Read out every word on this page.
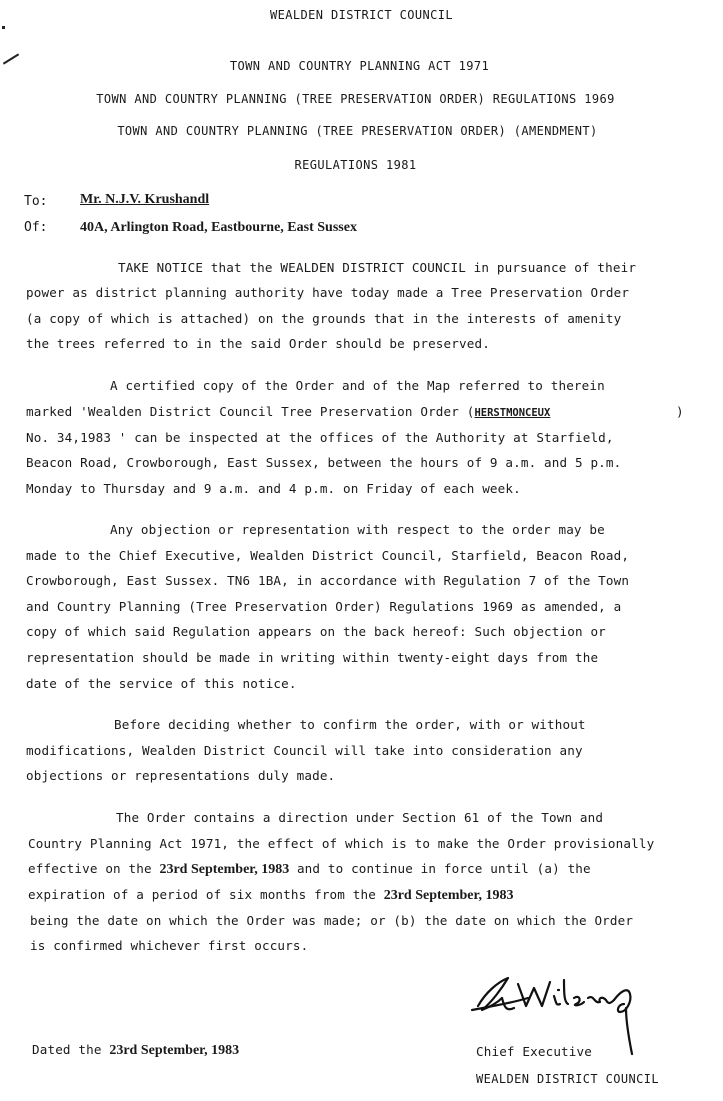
WEALDEN DISTRICT COUNCIL
TOWN AND COUNTRY PLANNING ACT 1971
TOWN AND COUNTRY PLANNING (TREE PRESERVATION ORDER) REGULATIONS 1969
TOWN AND COUNTRY PLANNING (TREE PRESERVATION ORDER) (AMENDMENT)
REGULATIONS 1981
To: Mr. N.J.V. Krushandl
Of: 40A, Arlington Road, Eastbourne, East Sussex
TAKE NOTICE that the WEALDEN DISTRICT COUNCIL in pursuance of their
power as district planning authority have today made a Tree Preservation Order
(a copy of which is attached) on the grounds that in the interests of amenity
the trees referred to in the said Order should be preserved.
A certified copy of the Order and of the Map referred to therein
marked 'Wealden District Council Tree Preservation Order (HERSTMONCEUX	)
No. 34,1983 ' can be inspected at the offices of the Authority at Starfield,
Beacon Road, Crowborough, East Sussex, between the hours of 9 a.m. and 5 p.m.
Monday to Thursday and 9 a.m. and 4 p.m. on Friday of each week.
Any objection or representation with respect to the order may be
made to the Chief Executive, Wealden District Council, Starfield, Beacon Road,
Crowborough, East Sussex. TN6 1BA, in accordance with Regulation 7 of the Town
and Country Planning (Tree Preservation Order) Regulations 1969 as amended, a
copy of which said Regulation appears on the back hereof: Such objection or
representation should be made in writing within twenty-eight days from the
date of the service of this notice.
Before deciding whether to confirm the order, with or without
modifications, Wealden District Council will take into consideration any
objections or representations duly made.
The Order contains a direction under Section 61 of the Town and
Country Planning Act 1971, the effect of which is to make the Order provisionally
effective on the 23rd September, 1983 and to continue in force until (a) the
expiration of a period of six months from the 23rd September, 1983
being the date on which the Order was made; or (b) the date on which the Order
is confirmed whichever first occurs.
Dated the 23rd September, 1983	Chief Executive
WEALDEN DISTRICT COUNCIL
